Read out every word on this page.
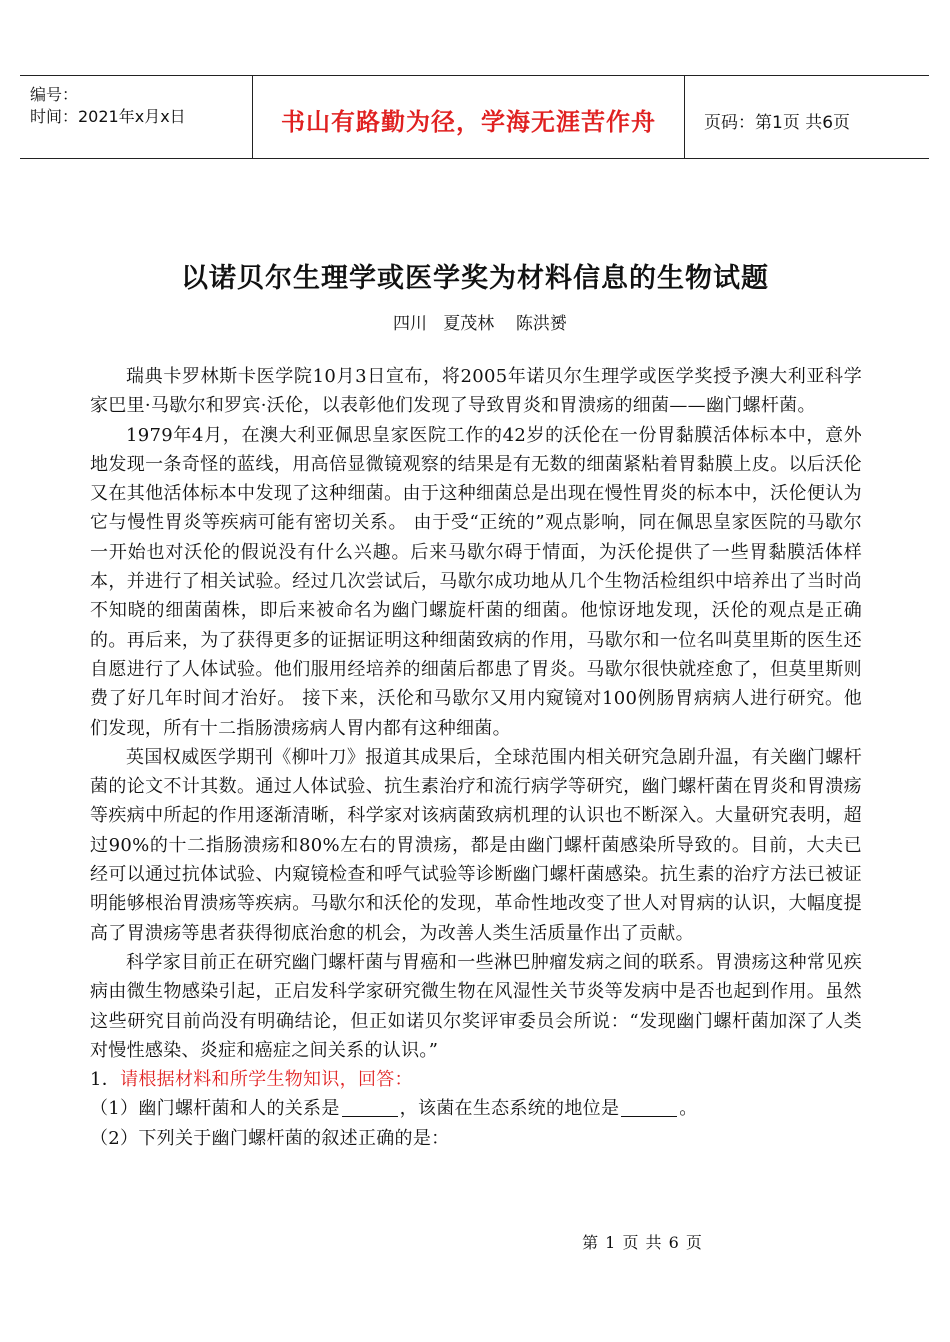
编号：
时间：2021年x月x日	书山有路勤为径，学海无涯苦作舟	页码：第1页 共6页
以诺贝尔生理学或医学奖为材料信息的生物试题
四川   夏茂林    陈洪赟

瑞典卡罗林斯卡医学院10月3日宣布，将2005年诺贝尔生理学或医学奖授予澳大利亚科学家巴里·马歇尔和罗宾·沃伦，以表彰他们发现了导致胃炎和胃溃疡的细菌——幽门螺杆菌。

1979年4月，在澳大利亚佩思皇家医院工作的42岁的沃伦在一份胃黏膜活体标本中，意外地发现一条奇怪的蓝线，用高倍显微镜观察的结果是有无数的细菌紧粘着胃黏膜上皮。以后沃伦又在其他活体标本中发现了这种细菌。由于这种细菌总是出现在慢性胃炎的标本中，沃伦便认为它与慢性胃炎等疾病可能有密切关系。 由于受“正统的”观点影响，同在佩思皇家医院的马歇尔一开始也对沃伦的假说没有什么兴趣。后来马歇尔碍于情面，为沃伦提供了一些胃黏膜活体样本，并进行了相关试验。经过几次尝试后，马歇尔成功地从几个生物活检组织中培养出了当时尚不知晓的细菌菌株，即后来被命名为幽门螺旋杆菌的细菌。他惊讶地发现，沃伦的观点是正确的。再后来，为了获得更多的证据证明这种细菌致病的作用，马歇尔和一位名叫莫里斯的医生还自愿进行了人体试验。他们服用经培养的细菌后都患了胃炎。马歇尔很快就痊愈了，但莫里斯则费了好几年时间才治好。 接下来，沃伦和马歇尔又用内窥镜对100例肠胃病病人进行研究。他们发现，所有十二指肠溃疡病人胃内都有这种细菌。

英国权威医学期刊《柳叶刀》报道其成果后，全球范围内相关研究急剧升温，有关幽门螺杆菌的论文不计其数。通过人体试验、抗生素治疗和流行病学等研究，幽门螺杆菌在胃炎和胃溃疡等疾病中所起的作用逐渐清晰，科学家对该病菌致病机理的认识也不断深入。大量研究表明，超过90%的十二指肠溃疡和80%左右的胃溃疡，都是由幽门螺杆菌感染所导致的。目前，大夫已经可以通过抗体试验、内窥镜检查和呼气试验等诊断幽门螺杆菌感染。抗生素的治疗方法已被证明能够根治胃溃疡等疾病。马歇尔和沃伦的发现，革命性地改变了世人对胃病的认识，大幅度提高了胃溃疡等患者获得彻底治愈的机会，为改善人类生活质量作出了贡献。

科学家目前正在研究幽门螺杆菌与胃癌和一些淋巴肿瘤发病之间的联系。胃溃疡这种常见疾病由微生物感染引起，正启发科学家研究微生物在风湿性关节炎等发病中是否也起到作用。虽然这些研究目前尚没有明确结论，但正如诺贝尔奖评审委员会所说：“发现幽门螺杆菌加深了人类对慢性感染、炎症和癌症之间关系的认识。”

1．请根据材料和所学生物知识，回答：

（1）幽门螺杆菌和人的关系是	，该菌在生态系统的地位是	。

（2）下列关于幽门螺杆菌的叙述正确的是：

第 1 页 共 6 页
